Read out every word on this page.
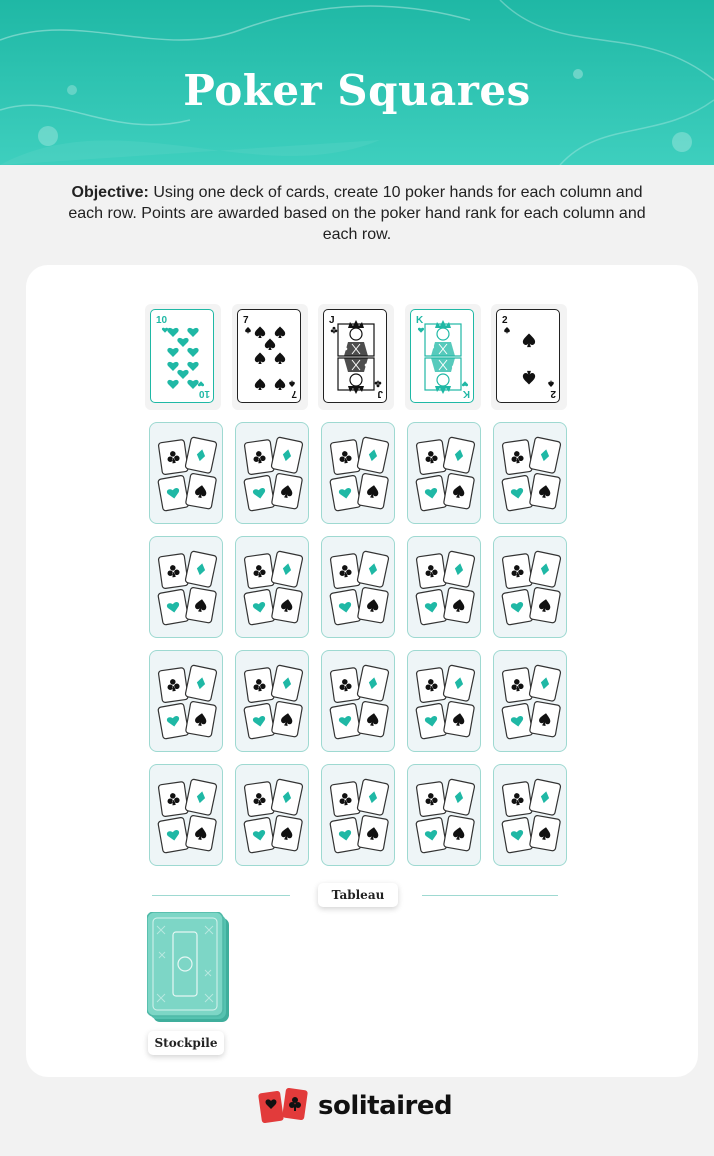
Poker Squares
Objective: Using one deck of cards, create 10 poker hands for each column and each row. Points are awarded based on the poker hand rank for each column and each row.
10
10
7
7
J
J
K
K
2
2
Tableau
Stockpile
solitaired
